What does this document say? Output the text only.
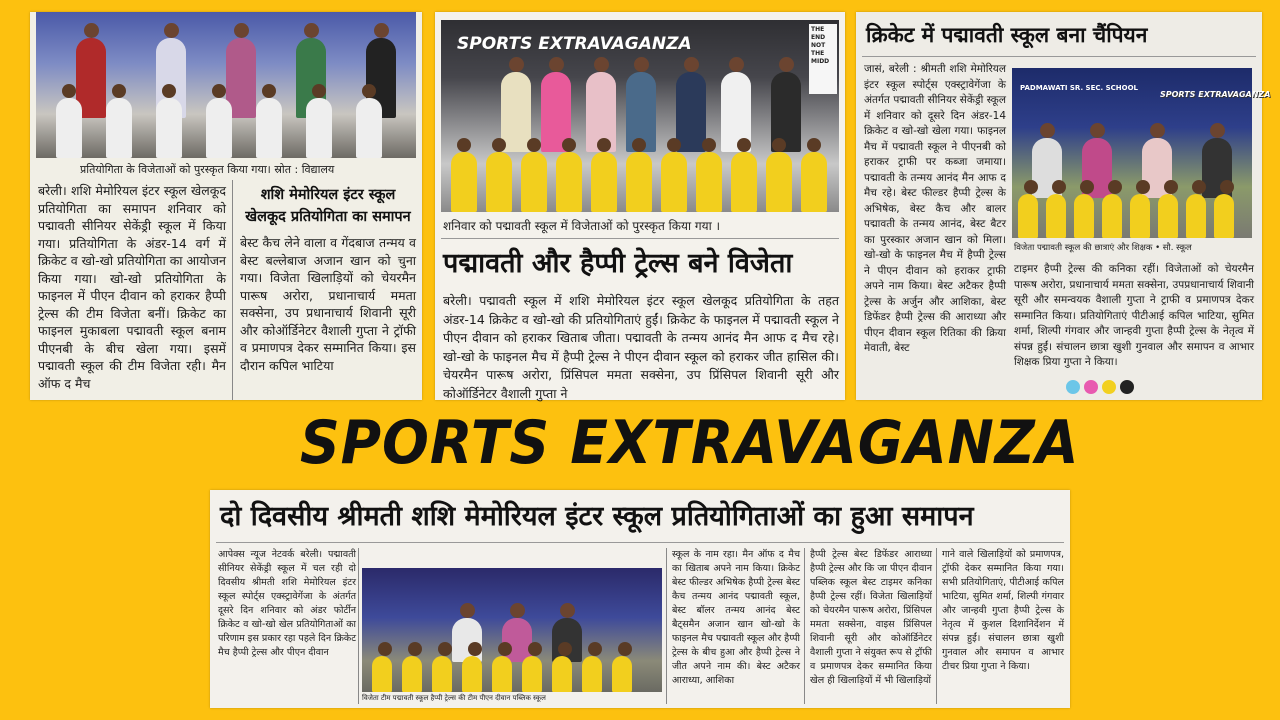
प्रतियोगिता के विजेताओं को पुरस्कृत किया गया। स्रोत : विद्यालय
बरेली। शशि मेमोरियल इंटर स्कूल खेलकूद प्रतियोगिता का समापन शनिवार को पद्मावती सीनियर सेकेंड्री स्कूल में किया गया। प्रतियोगिता के अंडर-14 वर्ग में क्रिकेट व खो-खो प्रतियोगिता का आयोजन किया गया। खो-खो प्रतियोगिता के फाइनल में पीएन दीवान को हराकर हैप्पी ट्रेल्स की टीम विजेता बनीं। क्रिकेट का फाइनल मुकाबला पद्मावती स्कूल बनाम पीएनबी के बीच खेला गया। इसमें पद्मावती स्कूल की टीम विजेता रही। मैन ऑफ द मैच
शशि मेमोरियल इंटर स्कूल खेलकूद प्रतियोगिता का समापन
बेस्ट कैच लेने वाला व गेंदबाज तन्मय व बेस्ट बल्लेबाज अजान खान को चुना गया। विजेता खिलाड़ियों को चेयरमैन पारूष अरोरा, प्रधानाचार्य ममता सक्सेना, उप प्रधानाचार्य शिवानी सूरी और कोऑर्डिनेटर वैशाली गुप्ता ने ट्रॉफी व प्रमाणपत्र देकर सम्मानित किया। इस दौरान कपिल भाटिया
SPORTS EXTRAVAGANZA
THE END NOT THE MIDD
शनिवार को पद्मावती स्कूल में विजेताओं को पुरस्कृत किया गया ।
पद्मावती और हैप्पी ट्रेल्स बने विजेता
बरेली। पद्मावती स्कूल में शशि मेमोरियल इंटर स्कूल खेलकूद प्रतियोगिता के तहत अंडर-14 क्रिकेट व खो-खो की प्रतियोगिताएं हुईं। क्रिकेट के फाइनल में पद्मावती स्कूल ने पीएन दीवान को हराकर खिताब जीता। पद्मावती के तन्मय आनंद मैन आफ द मैच रहे। खो-खो के फाइनल मैच में हैप्पी ट्रेल्स ने पीएन दीवान स्कूल को हराकर जीत हासिल की। चेयरमैन पारूष अरोरा, प्रिंसिपल ममता सक्सेना, उप प्रिंसिपल शिवानी सूरी और कोऑर्डिनेटर वैशाली गुप्ता ने
क्रिकेट में पद्मावती स्कूल बना चैंपियन
जासं, बरेली : श्रीमती शशि मेमोरियल इंटर स्कूल स्पोर्ट्स एक्स्ट्रावेगेंजा के अंतर्गत पद्मावती सीनियर सेकेंड्री स्कूल में शनिवार को दूसरे दिन अंडर-14 क्रिकेट व खो-खो खेला गया। फाइनल मैच में पद्मावती स्कूल ने पीएनबी को हराकर ट्राफी पर कब्जा जमाया। पद्मावती के तन्मय आनंद मैन आफ द मैच रहे। बेस्ट फील्डर हैप्पी ट्रेल्स के अभिषेक, बेस्ट कैच और बालर पद्मावती के तन्मय आनंद, बेस्ट बैटर का पुरस्कार अजान खान को मिला। खो-खो के फाइनल मैच में हैप्पी ट्रेल्स ने पीएन दीवान को हराकर ट्राफी अपने नाम किया। बेस्ट अटैकर हैप्पी ट्रेल्स के अर्जुन और आशिका, बेस्ट डिफेंडर हैप्पी ट्रेल्स की आराध्या और पीएन दीवान स्कूल रितिका की क्रिया मेवाती, बेस्ट
PADMAWATI SR. SEC. SCHOOL
SPORTS EXTRAVAGANZA
विजेता पद्मावती स्कूल की छात्राएं और शिक्षक • सौ. स्कूल
टाइमर हैप्पी ट्रेल्स की कनिका रहीं। विजेताओं को चेयरमैन पारूष अरोरा, प्रधानाचार्य ममता सक्सेना, उपप्रधानाचार्य शिवानी सूरी और समन्वयक वैशाली गुप्ता ने ट्राफी व प्रमाणपत्र देकर सम्मानित किया। प्रतियोगिताएं पीटीआई कपिल भाटिया, सुमित शर्मा, शिल्पी गंगवार और जान्हवी गुप्ता हैप्पी ट्रेल्स के नेतृत्व में संपन्न हुईं। संचालन छात्रा खुशी गुनवाल और समापन व आभार शिक्षक प्रिया गुप्ता ने किया।
SPORTS EXTRAVAGANZA
दो दिवसीय श्रीमती शशि मेमोरियल इंटर स्कूल प्रतियोगिताओं का हुआ समापन
आपेक्स न्यूज नेटवर्क बरेली। पद्मावती सीनियर सेकेंड्री स्कूल में चल रही दो दिवसीय श्रीमती शशि मेमोरियल इंटर स्कूल स्पोर्ट्स एक्स्ट्रावेगेंजा के अंतर्गत दूसरे दिन शनिवार को अंडर फोर्टीन क्रिकेट व खो-खो खेल प्रतियोगिताओं का परिणाम इस प्रकार रहा पहले दिन क्रिकेट मैच हैप्पी ट्रेल्स और पीएन दीवान
विजेता टीम पद्मावती स्कूल हैप्पी ट्रेल्स की टीम पीएन दीवान पब्लिक स्कूल
स्कूल के नाम रहा। मैन ऑफ द मैच का खिताब अपने नाम किया। क्रिकेट बेस्ट फील्डर अभिषेक हैप्पी ट्रेल्स बेस्ट कैच तन्मय आनंद पद्मावती स्कूल, बेस्ट बॉलर तन्मय आनंद बेस्ट बैट्समैन अजान खान खो-खो के फाइनल मैच पद्मावती स्कूल और हैप्पी ट्रेल्स के बीच हुआ और हैप्पी ट्रेल्स ने जीत अपने नाम की। बेस्ट अटैकर आराध्या, आशिका
हैप्पी ट्रेल्स बेस्ट डिफेंडर आराध्या हैप्पी ट्रेल्स और कि जा पीएन दीवान पब्लिक स्कूल बेस्ट टाइमर कनिका हैप्पी ट्रेल्स रहीं। विजेता खिलाड़ियों को चेयरमैन पारूष अरोरा, प्रिंसिपल ममता सक्सेना, वाइस प्रिंसिपल शिवानी सूरी और कोऑर्डिनेटर वैशाली गुप्ता ने संयुक्त रूप से ट्रॉफी व प्रमाणपत्र देकर सम्मानित किया खेल ही खिलाड़ियों में भी खिलाड़ियों
गाने वाले खिलाड़ियों को प्रमाणपत्र, ट्रॉफी देकर सम्मानित किया गया। सभी प्रतियोगिताएं, पीटीआई कपिल भाटिया, सुमित शर्मा, शिल्पी गंगवार और जान्हवी गुप्ता हैप्पी ट्रेल्स के नेतृत्व में कुशल दिशानिर्देशन में संपन्न हुईं। संचालन छात्रा खुशी गुनवाल और समापन व आभार टीचर प्रिया गुप्ता ने किया।
